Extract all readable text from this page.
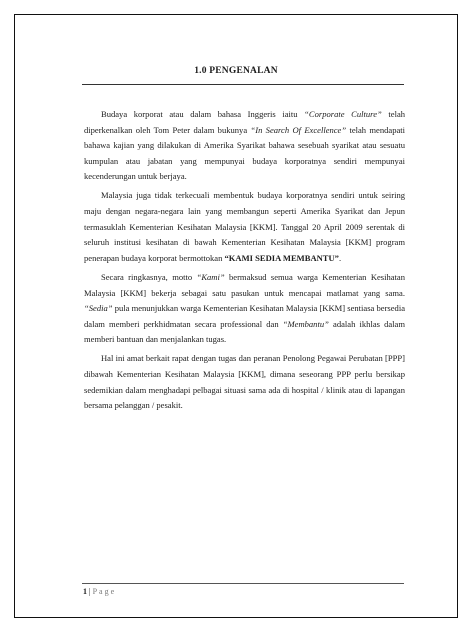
1.0 PENGENALAN

Budaya korporat atau dalam bahasa Inggeris iaitu “Corporate Culture” telah diperkenalkan oleh Tom Peter dalam bukunya “In Search Of Excellence” telah mendapati bahawa kajian yang dilakukan di Amerika Syarikat bahawa sesebuah syarikat atau sesuatu kumpulan atau jabatan yang mempunyai budaya korporatnya sendiri mempunyai kecenderungan untuk berjaya.

Malaysia juga tidak terkecuali membentuk budaya korporatnya sendiri untuk seiring maju dengan negara-negara lain yang membangun seperti Amerika Syarikat dan Jepun termasuklah Kementerian Kesihatan Malaysia [KKM]. Tanggal 20 April 2009 serentak di seluruh institusi kesihatan di bawah Kementerian Kesihatan Malaysia [KKM] program penerapan budaya korporat bermottokan “KAMI SEDIA MEMBANTU”.

Secara ringkasnya, motto “Kami” bermaksud semua warga Kementerian Kesihatan Malaysia [KKM] bekerja sebagai satu pasukan untuk mencapai matlamat yang sama. “Sedia” pula menunjukkan warga Kementerian Kesihatan Malaysia [KKM] sentiasa bersedia dalam memberi perkhidmatan secara professional dan “Membantu” adalah ikhlas dalam memberi bantuan dan menjalankan tugas.

Hal ini amat berkait rapat dengan tugas dan peranan Penolong Pegawai Perubatan [PPP] dibawah Kementerian Kesihatan Malaysia [KKM], dimana seseorang PPP perlu bersikap sedemikian dalam menghadapi pelbagai situasi sama ada di hospital / klinik atau di lapangan bersama pelanggan / pesakit.

1 | Page
